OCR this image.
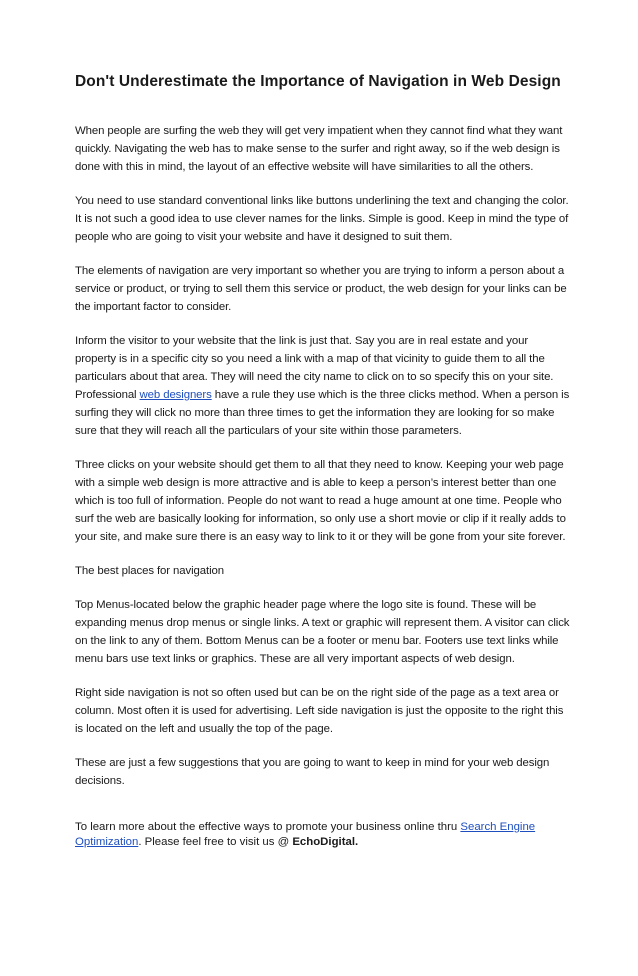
Don't Underestimate the Importance of Navigation in Web Design

When people are surfing the web they will get very impatient when they cannot find what they want quickly. Navigating the web has to make sense to the surfer and right away, so if the web design is done with this in mind, the layout of an effective website will have similarities to all the others.

You need to use standard conventional links like buttons underlining the text and changing the color. It is not such a good idea to use clever names for the links. Simple is good. Keep in mind the type of people who are going to visit your website and have it designed to suit them.

The elements of navigation are very important so whether you are trying to inform a person about a service or product, or trying to sell them this service or product, the web design for your links can be the important factor to consider.

Inform the visitor to your website that the link is just that. Say you are in real estate and your property is in a specific city so you need a link with a map of that vicinity to guide them to all the particulars about that area. They will need the city name to click on to so specify this on your site. Professional web designers have a rule they use which is the three clicks method. When a person is surfing they will click no more than three times to get the information they are looking for so make sure that they will reach all the particulars of your site within those parameters.

Three clicks on your website should get them to all that they need to know. Keeping your web page with a simple web design is more attractive and is able to keep a person’s interest better than one which is too full of information. People do not want to read a huge amount at one time. People who surf the web are basically looking for information, so only use a short movie or clip if it really adds to your site, and make sure there is an easy way to link to it or they will be gone from your site forever.

The best places for navigation

Top Menus-located below the graphic header page where the logo site is found. These will be expanding menus drop menus or single links. A text or graphic will represent them. A visitor can click on the link to any of them. Bottom Menus can be a footer or menu bar. Footers use text links while menu bars use text links or graphics. These are all very important aspects of web design.

Right side navigation is not so often used but can be on the right side of the page as a text area or column. Most often it is used for advertising. Left side navigation is just the opposite to the right this is located on the left and usually the top of the page.

These are just a few suggestions that you are going to want to keep in mind for your web design decisions.

To learn more about the effective ways to promote your business online thru Search Engine Optimization. Please feel free to visit us @ EchoDigital.
